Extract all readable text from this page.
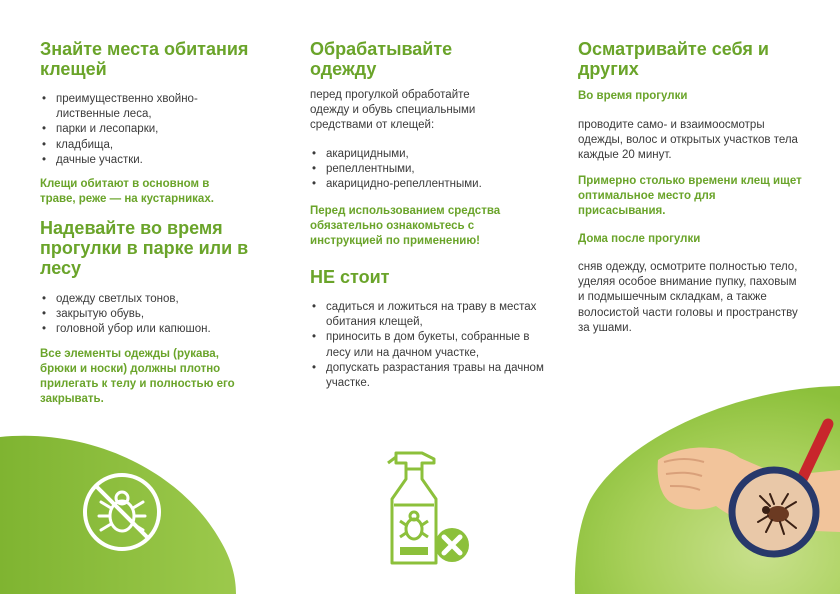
Знайте места обитания клещей
• преимущественно хвойно-лиственные леса,
• парки и лесопарки,
• кладбища,
• дачные участки.

Клещи обитают в основном в траве, реже — на кустарниках.

Надевайте во время прогулки в парке или в лесу
• одежду светлых тонов,
• закрытую обувь,
• головной убор или капюшон.

Все элементы одежды (рукава, брюки и носки) должны плотно прилегать к телу и полностью его закрывать.

Обрабатывайте одежду

перед прогулкой обработайте одежду и обувь специальными средствами от клещей:

• акарицидными,
• репеллентными,
• акарицидно-репеллентными.

Перед использованием средства обязательно ознакомьтесь с инструкцией по применению!

НЕ стоит
• садиться и ложиться на траву в местах обитания клещей,
• приносить в дом букеты, собранные в лесу или на дачном участке,
• допускать разрастания травы на дачном участке.
Осматривайте себя и других

Во время прогулки

проводите само- и взаимоосмотры одежды, волос и открытых участков тела каждые 20 минут.

Примерно столько времени клещ ищет оптимальное место для присасывания.

Дома после прогулки

сняв одежду, осмотрите полностью тело, уделяя особое внимание пупку, паховым и подмышечным складкам, а также волосистой части головы и пространству за ушами.
